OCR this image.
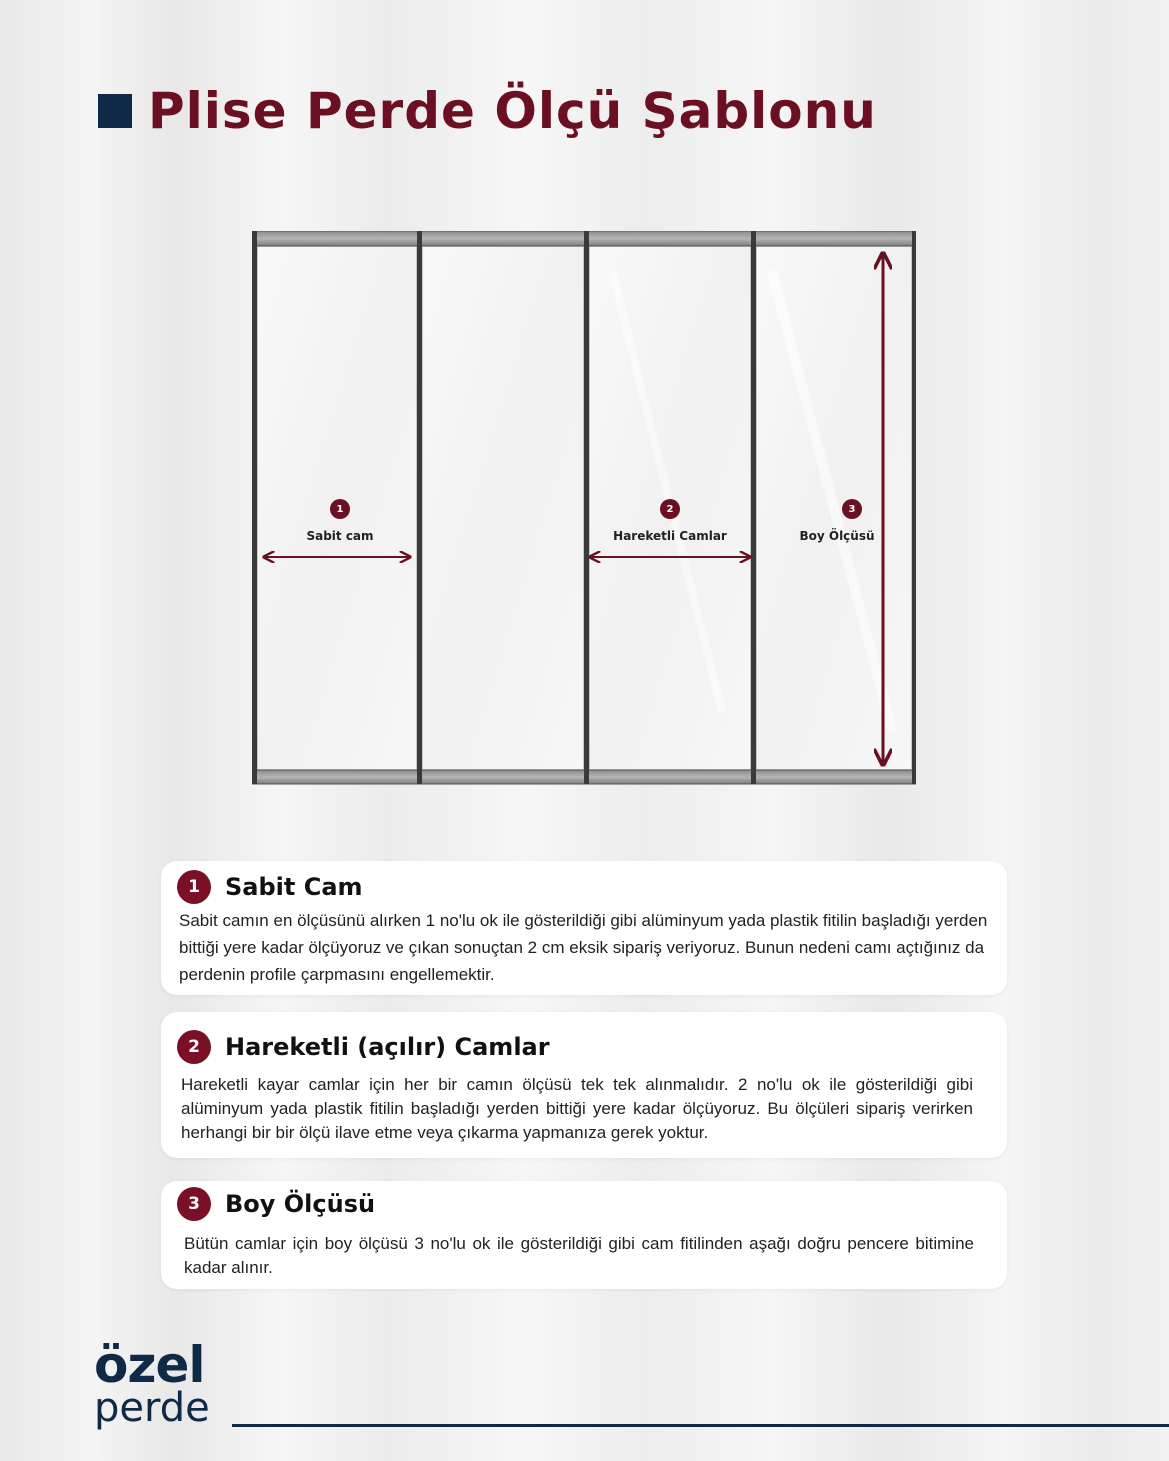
Plise Perde Ölçü Şablonu
1
Sabit cam
2
Hareketli Camlar
3
Boy Ölçüsü
1	Sabit Cam
Sabit camın en ölçüsünü alırken 1 no'lu ok ile gösterildiği gibi alüminyum yada plastik fitilin başladığı yerden bittiği yere kadar ölçüyoruz ve çıkan sonuçtan 2 cm eksik sipariş veriyoruz. Bunun nedeni camı açtığınız da perdenin profile çarpmasını engellemektir.
2	Hareketli (açılır) Camlar
Hareketli kayar camlar için her bir camın ölçüsü tek tek alınmalıdır. 2 no'lu ok ile gösterildiği gibi alüminyum yada plastik fitilin başladığı yerden bittiği yere kadar ölçüyoruz. Bu ölçüleri sipariş verirken herhangi bir bir ölçü ilave etme veya çıkarma yapmanıza gerek yoktur.
3	Boy Ölçüsü
Bütün camlar için boy ölçüsü 3 no'lu ok ile gösterildiği gibi cam fitilinden aşağı doğru pencere bitimine kadar alınır.
özel
perde
